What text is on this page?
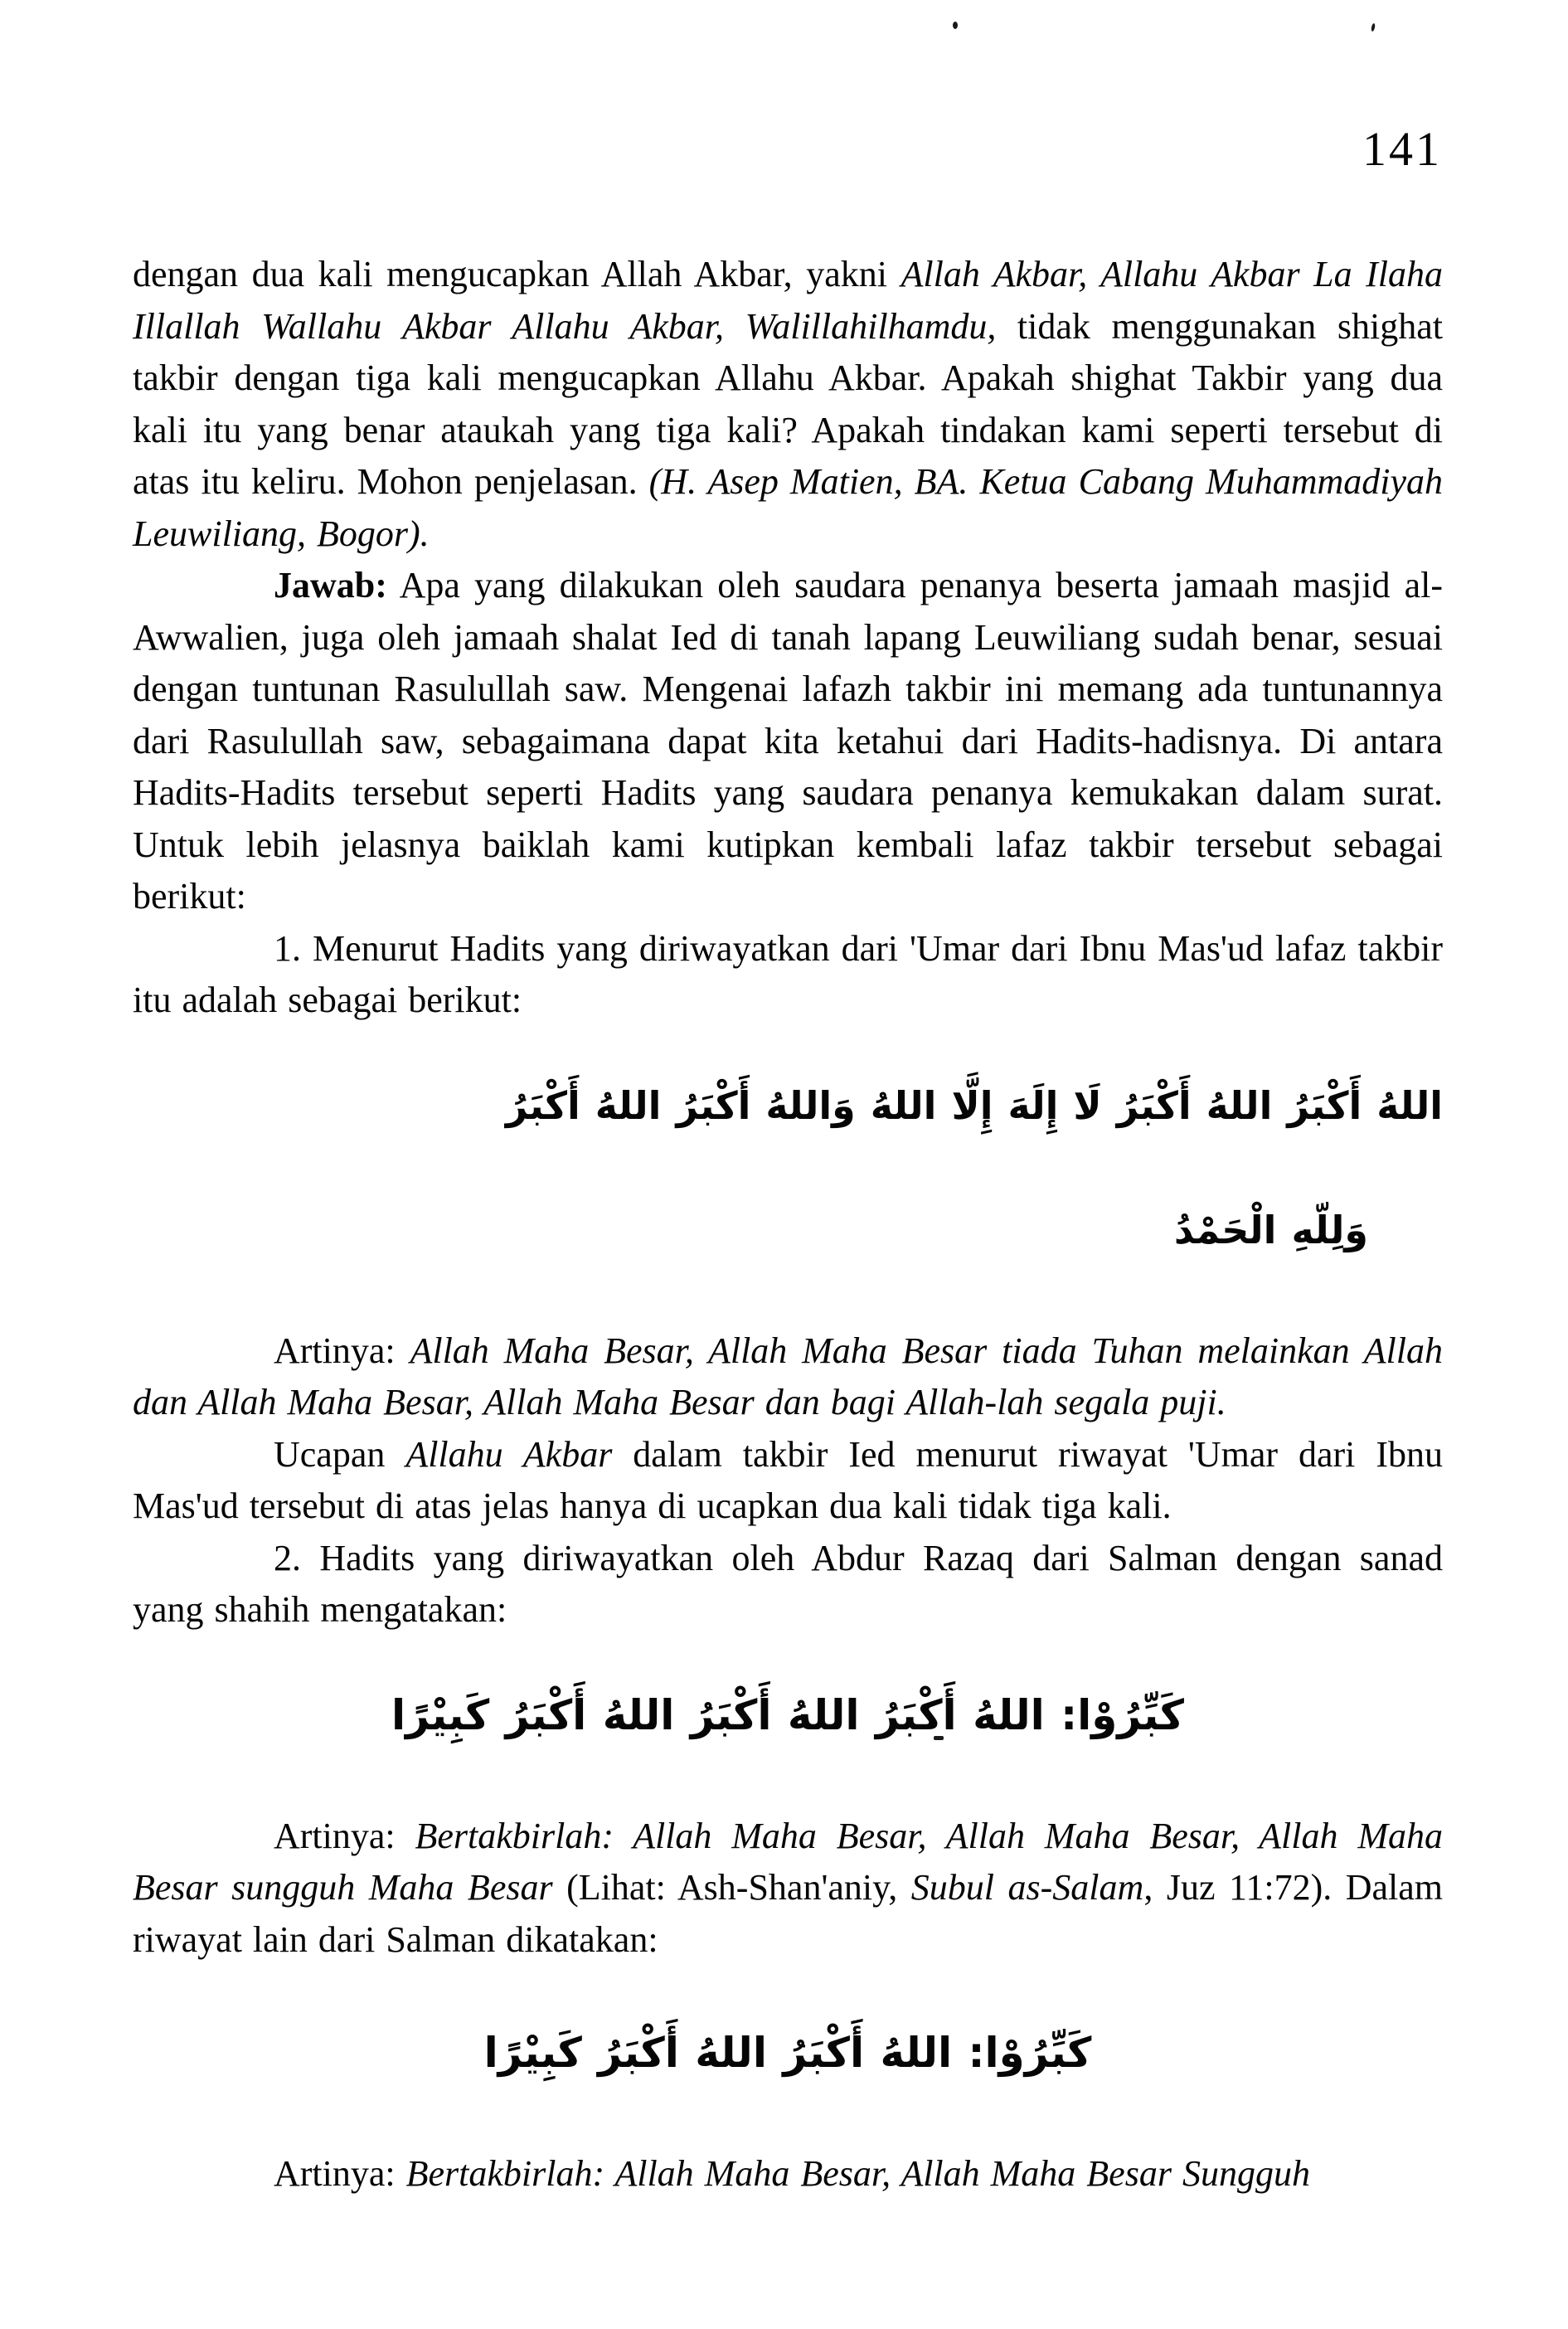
141

dengan dua kali mengucapkan Allah Akbar, yakni Allah Akbar, Allahu Akbar La Ilaha Illallah Wallahu Akbar Allahu Akbar, Walillahilhamdu, tidak menggunakan shighat takbir dengan tiga kali mengucapkan Allahu Akbar. Apakah shighat Takbir yang dua kali itu yang benar ataukah yang tiga kali? Apakah tindakan kami seperti tersebut di atas itu keliru. Mohon penjelasan. (H. Asep Matien, BA. Ketua Cabang Muhammadiyah Leuwiliang, Bogor).

Jawab: Apa yang dilakukan oleh saudara penanya beserta jamaah masjid al-Awwalien, juga oleh jamaah shalat Ied di tanah lapang Leuwiliang sudah benar, sesuai dengan tuntunan Rasulullah saw. Mengenai lafazh takbir ini memang ada tuntunannya dari Rasulullah saw, sebagaimana dapat kita ketahui dari Hadits-hadisnya. Di antara Hadits-Hadits tersebut seperti Hadits yang saudara penanya kemukakan dalam surat. Untuk lebih jelasnya baiklah kami kutipkan kembali lafaz takbir tersebut sebagai berikut:

1. Menurut Hadits yang diriwayatkan dari 'Umar dari Ibnu Mas'ud lafaz takbir itu adalah sebagai berikut:

اللهُ أَكْبَرُ اللهُ أَكْبَرُ لَا إِلَهَ إِلَّا اللهُ وَاللهُ أَكْبَرُ اللهُ أَكْبَرُ
وَلِلّهِ الْحَمْدُ

Artinya: Allah Maha Besar, Allah Maha Besar tiada Tuhan melainkan Allah dan Allah Maha Besar, Allah Maha Besar dan bagi Allah-lah segala puji.

Ucapan Allahu Akbar dalam takbir Ied menurut riwayat 'Umar dari Ibnu Mas'ud tersebut di atas jelas hanya di ucapkan dua kali tidak tiga kali.

2. Hadits yang diriwayatkan oleh Abdur Razaq dari Salman dengan sanad yang shahih mengatakan:

كَبِّرُوْا: اللهُ أَكْبَرُ اللهُ أَكْبَرُ اللهُ أَكْبَرُ كَبِيْرًا

Artinya: Bertakbirlah: Allah Maha Besar, Allah Maha Besar, Allah Maha Besar sungguh Maha Besar (Lihat: Ash-Shan'aniy, Subul as-Salam, Juz 11:72). Dalam riwayat lain dari Salman dikatakan:

كَبِّرُوْا: اللهُ أَكْبَرُ اللهُ أَكْبَرُ كَبِيْرًا

Artinya: Bertakbirlah: Allah Maha Besar, Allah Maha Besar Sungguh
